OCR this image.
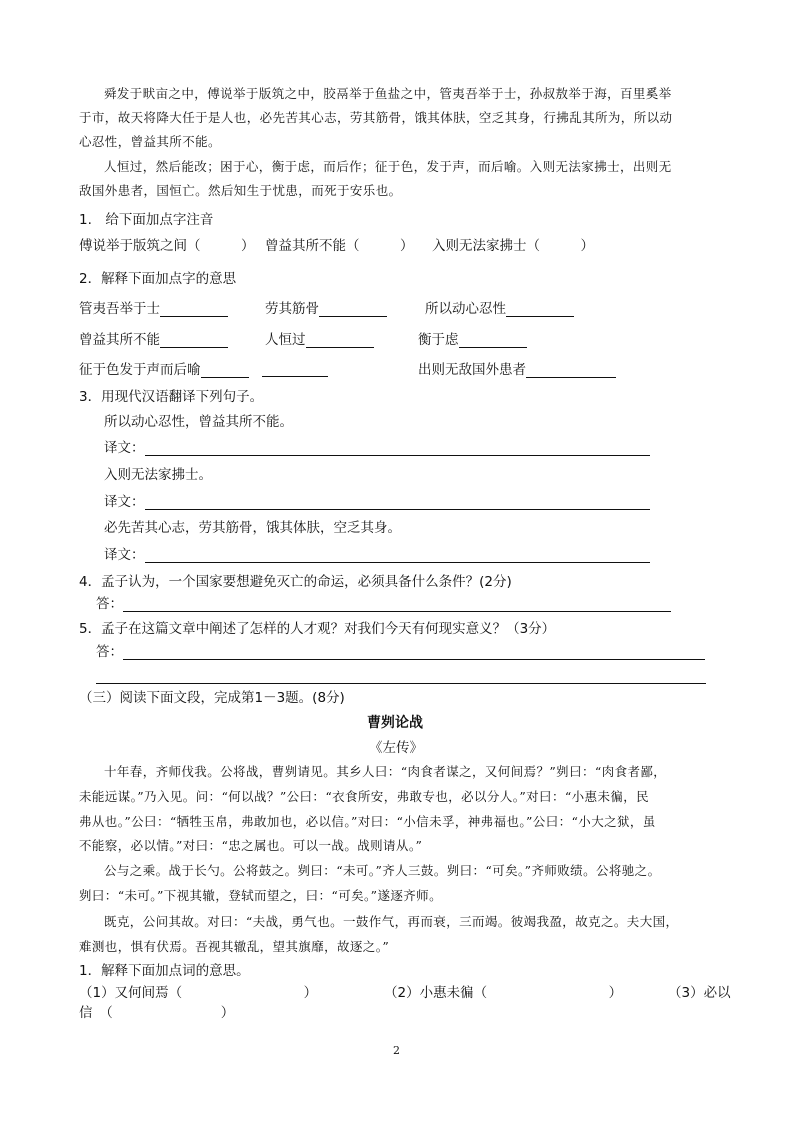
舜发于畎亩之中，傅说举于版筑之中，胶鬲举于鱼盐之中，管夷吾举于士，孙叔敖举于海，百里奚举
于市，故天将降大任于是人也，必先苦其心志，劳其筋骨，饿其体肤，空乏其身，行拂乱其所为，所以动
心忍性，曾益其所不能。
人恒过，然后能改；困于心，衡于虑，而后作；征于色，发于声，而后喻。入则无法家拂士，出则无
敌国外患者，国恒亡。然后知生于忧患，而死于安乐也。
1.　给下面加点字注音
傅说举于版筑之间（　　　） 曾益其所不能（　　　） 入则无法家拂士（　　　）
2．解释下面加点字的意思
管夷吾举于士	劳其筋骨	所以动心忍性
曾益其所不能	人恒过	衡于虑
征于色发于声而后喻	出则无敌国外患者
3．用现代汉语翻译下列句子。
所以动心忍性，曾益其所不能。
译文：
入则无法家拂士。
译文：
必先苦其心志，劳其筋骨，饿其体肤，空乏其身。
译文：
4．孟子认为，一个国家要想避免灭亡的命运，必须具备什么条件？(2分)
答：
5．孟子在这篇文章中阐述了怎样的人才观？对我们今天有何现实意义？（3分）
答：
（三）阅读下面文段，完成第1－3题。(8分)
曹刿论战
《左传》
十年春，齐师伐我。公将战，曹刿请见。其乡人曰：“肉食者谋之，又何间焉？”刿曰：“肉食者鄙，
未能远谋。”乃入见。问：“何以战？”公曰：“衣食所安，弗敢专也，必以分人。”对曰：“小惠未徧，民
弗从也。”公曰：“牺牲玉帛，弗敢加也，必以信。”对曰：“小信未孚，神弗福也。”公曰：“小大之狱，虽
不能察，必以情。”对曰：“忠之属也。可以一战。战则请从。”
公与之乘。战于长勺。公将鼓之。刿曰：“未可。”齐人三鼓。刿曰：“可矣。”齐师败绩。公将驰之。
刿曰：“未可。”下视其辙，登轼而望之，曰：“可矣。”遂逐齐师。
既克，公问其故。对曰：“夫战，勇气也。一鼓作气，再而衰，三而竭。彼竭我盈，故克之。夫大国，
难测也，惧有伏焉。吾视其辙乱，望其旗靡，故逐之。”
1．解释下面加点词的意思。
（1）又何间焉（　　　　　　　　　）	（2）小惠未徧（　　　　　　　　　）	（3）必以
信　（　　　　　　　　）
2
